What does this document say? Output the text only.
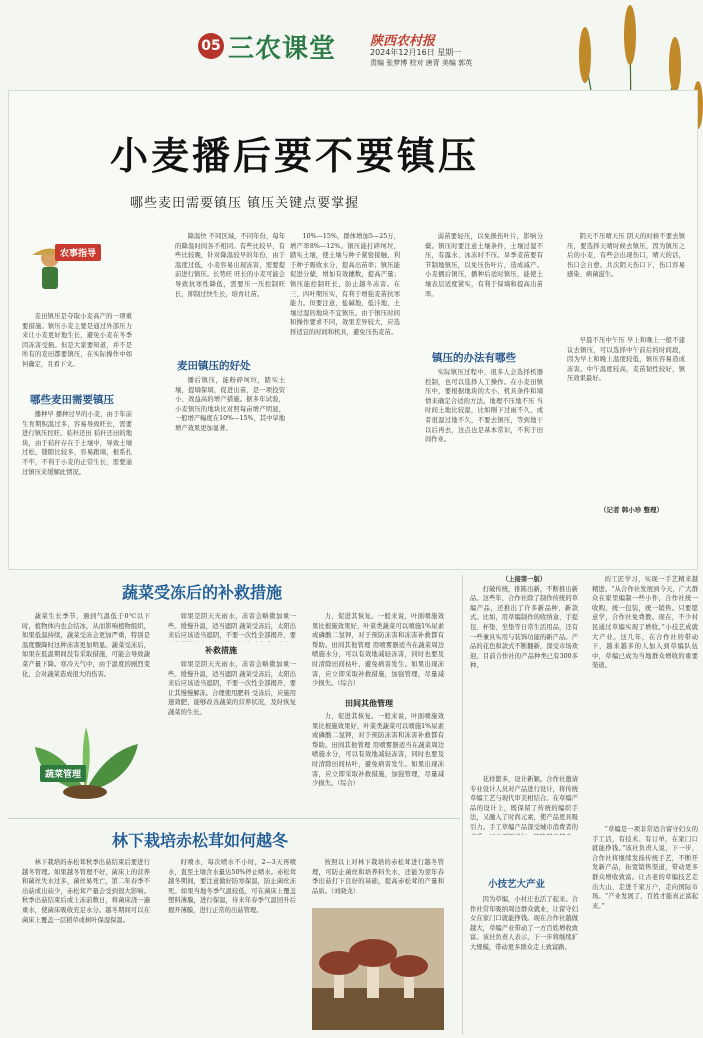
05 三农课堂	陕西农村报
2024年12月16日 星期一
责编 张梦博 校对 唐青 美编 郭英
小麦播后要不要镇压
哪些麦田需要镇压 镇压关键点要掌握
农事指导

麦田镇压是夺取小麦高产的一项重要措施。镇压小麦主要是通过外部压力来让小麦更好地生长，避免小麦在冬季因冻害受损。但是大家要知道，并不是所有的麦田都要镇压，在实际操作中如何确定，且看下文。

哪些麦田需要镇压

播种早 播种过早的小麦，由于年前生育期积温过多，容易导致旺长，需要进行镇压控旺。秸秆还田 秸秆还田的地块，由于秸秆存在于土壤中，导致土壤过松，缝隙比较多，容易跑墒，根系扎不牢，不利于小麦的正常生长，需要通过镇压来缓解此情况。

降温快 不同区域，不同年份，每年的降温时间各不相同。有些比较早，有些比较晚，针对降温较早的年份，由于温度过低，小麦容易出现冻害，需要提前进行镇压。长势旺 旺长的小麦可能会导致抗寒性降低，需要压一压控制旺长，抑制过快生长，培育壮苗。

麦田镇压的好处

播后镇压，能粉碎坷垃，踏实土壤，提墒保墒，促进出苗，是一项投资小、效益高的增产措施。据多年试验，小麦镇压的地块比对照每亩增产明显，一般增产幅度在10%—15%，其中旱地增产效果更加显著。

10%—15%，群体增加5—25万，增产率8%—12%。镇压能打碎坷垃，踏实土壤，使土壤与种子紧密接触，利于种子吸收水分，提高出苗率；镇压能促进分蘖，增加有效穗数，提高产量；镇压能控制旺长，防止越冬冻害。在三、四叶期压实，有利于增强麦苗抗寒能力。但要注意，盐碱地、低洼地、土壤过湿的地块不宜镇压。由于镇压时间和操作要求不同，效果差异较大，应选择适宜的时间和机具，避免压伤麦苗。

弱苗要轻压，以免损伤叶片，影响分蘖。镇压时要注意土壤条件，土壤过湿不压，有露水、冰冻时不压。旱季麦苗要有节制地镇压，以免压伤叶片，造成减产。小麦播后镇压，播种后适时镇压，能使土壤表层适度紧实，有利于保墒和提高出苗率。

镇压的办法有哪些

实际镇压过程中，很多人会选择机器控制，也可以选择人工操作。在小麦田镇压中，要根据地块的大小、机具条件和墒情来确定合适的方法。地理不压地不压 当时间土地比较湿，比如刚下过雨不久，或者很湿过地不久，不要去镇压，等到地干以后再去，这点也是基本常识，不利于田间作业。

阴天不压晴天压 阴天的时候不要去镇压，要选择天晴时候去镇压，因为镇压之后的小麦，有些会出现伤口，晴天的话，伤口会自愈。共次阴天伤口下，伤口容易感染、病菌滋生。

早晨不压中午压 早上和晚上一般不建议去镇压，可以选择中午前后的时间段，因为早上和晚上温度较低，镇压容易造成冻害。中午温度较高，麦苗韧性较好，镇压效果最好。

（记者 韩小珍 整理）
蔬菜受冻后的补救措施

蔬菜生长季节，遇到气温低于0℃以下时，植物体内也会结冰，从而影响植物组织，如果低温持续，蔬菜受冻会更加严重，特别是温度骤降时这种冻害更加明显。蔬菜受冻后，如果在低温期间没有采取措施，可能会导致蔬菜产量下降。寒冷天气中，由于温度的剧烈变化，会对蔬菜造成很大的伤害。

蔬菜管理

如果是阴天无雨水，冻害会略微加重一些。缓慢升温，适当遮阴 蔬菜受冻后，太阳出来后应该适当遮阴，不要一次性全部揭开，要

补救措施

如果是阴天无雨水，冻害会略微加重一些。缓慢升温，适当遮阴 蔬菜受冻后，太阳出来后应该适当遮阴，不要一次性全部揭开，要让其慢慢解冻。合理使用肥料 受冻后，应施用速效肥，能够改善蔬菜的营养状况，及时恢复蔬菜的生长。

力，促进其恢复。一般来说，叶面喷施效果比根施效果好，叶菜类蔬菜可以喷施1%尿素或磷酸二氢钾，对于预防冻害和冻害补救都有帮助。田间其他管理 用喷雾器适当在蔬菜周边喷施水分，可以有效地减轻冻害，同时也要及时清除田间枯叶，避免病害发生。如果出现冻害，应立即采取补救措施，加强管理，尽量减少损失。（综合）

田间其他管理

力，促进其恢复。一般来说，叶面喷施效果比根施效果好，叶菜类蔬菜可以喷施1%尿素或磷酸二氢钾，对于预防冻害和冻害补救都有帮助。田间其他管理 用喷雾器适当在蔬菜周边喷施水分，可以有效地减轻冻害，同时也要及时清除田间枯叶，避免病害发生。如果出现冻害，应立即采取补救措施，加强管理，尽量减少损失。（综合）

林下栽培赤松茸如何越冬

林下栽培的赤松茸秋季出菇结束后要进行越冬管理。如果越冬管理不好，菌床上的营养和菌丝失水过多，菌丝易死亡，第二年春季不出菇或出菇少，赤松茸产量会受到很大影响。秋季出菇结束后或上冻前数日，将菌床浇一遍重水，使菌床吸收充足水分。越冬期间可以在菌床上覆盖一层稻草或树叶保湿保温。

时喷水，每次喷水不小时，2—3天再喷水，直至土壤含水量达50%停止喷水。赤松茸越冬期间，要注意做好防寒保温，防止菌丝冻死。如果当地冬季气温较低，可在菌床上覆盖塑料薄膜，进行保温，待来年春季气温回升后揭开薄膜，进行正常的出菇管理。

按照以上对林下栽培的赤松茸进行越冬管理，可防止菌丝和培养料失水，还能为翌年春季出菇打下良好的基础，提高赤松茸的产量和品质。（刘晓龙）

（上接第一版）

打破传统，推陈出新，不断推出新品。这些年，合作社除了制作传统的草编产品，还推出了许多新品种、新款式。比如，用草编制作的收纳盒、手提包、杯垫、坐垫等日常生活用品，还有一些兼具实用与装饰功能的新产品。产品的花色和款式不断翻新，深受市场欢迎。目前合作社的产品种类已有300多种。

花样繁多，设计新颖。合作社邀请专业设计人员对产品进行设计，将传统草编工艺与现代审美相结合。在草编产品的设计上，既保留了传统的编织手法，又融入了时尚元素，使产品更具吸引力。手工草编产品深受城市消费者的

小技艺大产业

因为草编，小村庄也活了起来。合作社常年吸纳周边群众就业，让留守妇女在家门口就能挣钱。现在合作社越做越大，草编产业带动了一方百姓增收致富。该社负责人表示，下一步将继续扩大规模，带动更多群众走上致富路。

的工匠学习，实现一手艺精来越精进。“从合作社发展到今天，广大群众在家里编制一些小件，合作社统一收购，统一包装，统一销售。只要愿意学，合作社免费教。现在，不少村民通过草编实现了增收。”小技艺成就大产业。这几年，在合作社的带动下，越来越多的人加入到草编队伍中，草编已成为当地群众增收的重要渠道。

“草编是一项非常适合留守妇女的手工活，有技术、有订单，在家门口就能挣钱。”该社负责人说，下一步，合作社将继续发扬传统手艺，不断开发新产品，拓宽销售渠道，带动更多群众增收致富。让古老的草编技艺走出大山，走进千家万户，走向国际市场。“产业发展了，百姓才能真正富起来。”
